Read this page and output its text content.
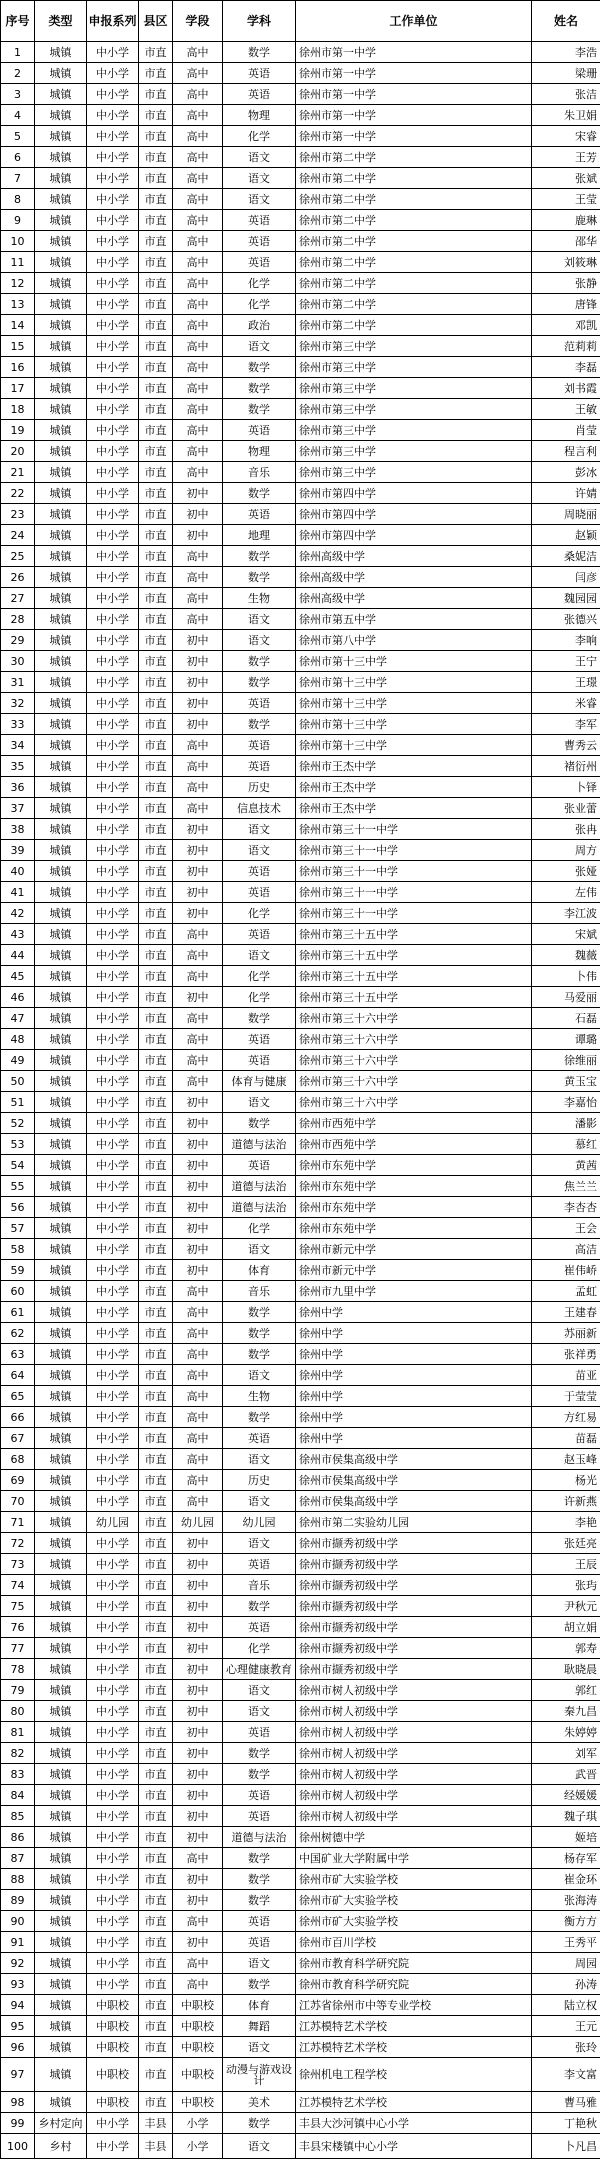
序号	类型	申报系列	县区	学段	学科	工作单位	姓名
1	城镇	中小学	市直	高中	数学	徐州市第一中学	李浩
2	城镇	中小学	市直	高中	英语	徐州市第一中学	梁珊
3	城镇	中小学	市直	高中	英语	徐州市第一中学	张洁
4	城镇	中小学	市直	高中	物理	徐州市第一中学	朱卫娟
5	城镇	中小学	市直	高中	化学	徐州市第一中学	宋睿
6	城镇	中小学	市直	高中	语文	徐州市第二中学	王芳
7	城镇	中小学	市直	高中	语文	徐州市第二中学	张斌
8	城镇	中小学	市直	高中	语文	徐州市第二中学	王莹
9	城镇	中小学	市直	高中	英语	徐州市第二中学	鹿琳
10	城镇	中小学	市直	高中	英语	徐州市第二中学	邵华
11	城镇	中小学	市直	高中	英语	徐州市第二中学	刘筱琳
12	城镇	中小学	市直	高中	化学	徐州市第二中学	张静
13	城镇	中小学	市直	高中	化学	徐州市第二中学	唐锋
14	城镇	中小学	市直	高中	政治	徐州市第二中学	邓凯
15	城镇	中小学	市直	高中	语文	徐州市第三中学	范莉莉
16	城镇	中小学	市直	高中	数学	徐州市第三中学	李磊
17	城镇	中小学	市直	高中	数学	徐州市第三中学	刘书霞
18	城镇	中小学	市直	高中	数学	徐州市第三中学	王敏
19	城镇	中小学	市直	高中	英语	徐州市第三中学	肖莹
20	城镇	中小学	市直	高中	物理	徐州市第三中学	程言利
21	城镇	中小学	市直	高中	音乐	徐州市第三中学	彭冰
22	城镇	中小学	市直	初中	数学	徐州市第四中学	许婧
23	城镇	中小学	市直	初中	英语	徐州市第四中学	周晓丽
24	城镇	中小学	市直	初中	地理	徐州市第四中学	赵颖
25	城镇	中小学	市直	高中	数学	徐州高级中学	桑妮洁
26	城镇	中小学	市直	高中	数学	徐州高级中学	闫彦
27	城镇	中小学	市直	高中	生物	徐州高级中学	魏园园
28	城镇	中小学	市直	高中	语文	徐州市第五中学	张德兴
29	城镇	中小学	市直	初中	语文	徐州市第八中学	李响
30	城镇	中小学	市直	初中	数学	徐州市第十三中学	王宁
31	城镇	中小学	市直	初中	数学	徐州市第十三中学	王璟
32	城镇	中小学	市直	初中	英语	徐州市第十三中学	米睿
33	城镇	中小学	市直	初中	数学	徐州市第十三中学	李军
34	城镇	中小学	市直	高中	英语	徐州市第十三中学	曹秀云
35	城镇	中小学	市直	高中	英语	徐州市王杰中学	褚衍州
36	城镇	中小学	市直	高中	历史	徐州市王杰中学	卜铎
37	城镇	中小学	市直	高中	信息技术	徐州市王杰中学	张业蕾
38	城镇	中小学	市直	初中	语文	徐州市第三十一中学	张冉
39	城镇	中小学	市直	初中	语文	徐州市第三十一中学	周方
40	城镇	中小学	市直	初中	英语	徐州市第三十一中学	张娅
41	城镇	中小学	市直	初中	英语	徐州市第三十一中学	左伟
42	城镇	中小学	市直	初中	化学	徐州市第三十一中学	李江波
43	城镇	中小学	市直	高中	英语	徐州市第三十五中学	宋斌
44	城镇	中小学	市直	高中	语文	徐州市第三十五中学	魏薇
45	城镇	中小学	市直	高中	化学	徐州市第三十五中学	卜伟
46	城镇	中小学	市直	初中	化学	徐州市第三十五中学	马爱丽
47	城镇	中小学	市直	高中	数学	徐州市第三十六中学	石磊
48	城镇	中小学	市直	高中	英语	徐州市第三十六中学	谭璐
49	城镇	中小学	市直	高中	英语	徐州市第三十六中学	徐维丽
50	城镇	中小学	市直	高中	体育与健康	徐州市第三十六中学	黄玉宝
51	城镇	中小学	市直	初中	语文	徐州市第三十六中学	李嘉怡
52	城镇	中小学	市直	初中	数学	徐州市西苑中学	潘影
53	城镇	中小学	市直	初中	道德与法治	徐州市西苑中学	慕红
54	城镇	中小学	市直	初中	英语	徐州市东苑中学	黄茜
55	城镇	中小学	市直	初中	道德与法治	徐州市东苑中学	焦兰兰
56	城镇	中小学	市直	初中	道德与法治	徐州市东苑中学	李杏杏
57	城镇	中小学	市直	初中	化学	徐州市东苑中学	王会
58	城镇	中小学	市直	初中	语文	徐州市新元中学	高洁
59	城镇	中小学	市直	初中	体育	徐州市新元中学	崔伟峤
60	城镇	中小学	市直	高中	音乐	徐州市九里中学	孟虹
61	城镇	中小学	市直	高中	数学	徐州中学	王建春
62	城镇	中小学	市直	高中	数学	徐州中学	苏丽新
63	城镇	中小学	市直	高中	数学	徐州中学	张祥勇
64	城镇	中小学	市直	高中	语文	徐州中学	苗亚
65	城镇	中小学	市直	高中	生物	徐州中学	于莹莹
66	城镇	中小学	市直	高中	数学	徐州中学	方红易
67	城镇	中小学	市直	高中	英语	徐州中学	苗磊
68	城镇	中小学	市直	高中	语文	徐州市侯集高级中学	赵玉峰
69	城镇	中小学	市直	高中	历史	徐州市侯集高级中学	杨光
70	城镇	中小学	市直	高中	语文	徐州市侯集高级中学	许新燕
71	城镇	幼儿园	市直	幼儿园	幼儿园	徐州市第二实验幼儿园	李艳
72	城镇	中小学	市直	初中	语文	徐州市撷秀初级中学	张廷亮
73	城镇	中小学	市直	初中	英语	徐州市撷秀初级中学	王辰
74	城镇	中小学	市直	初中	音乐	徐州市撷秀初级中学	张玙
75	城镇	中小学	市直	初中	数学	徐州市撷秀初级中学	尹秋元
76	城镇	中小学	市直	初中	英语	徐州市撷秀初级中学	胡立娟
77	城镇	中小学	市直	初中	化学	徐州市撷秀初级中学	郭寿
78	城镇	中小学	市直	初中	心理健康教育	徐州市撷秀初级中学	耿晓晨
79	城镇	中小学	市直	初中	语文	徐州市树人初级中学	郭红
80	城镇	中小学	市直	初中	语文	徐州市树人初级中学	秦九昌
81	城镇	中小学	市直	初中	英语	徐州市树人初级中学	朱婷婷
82	城镇	中小学	市直	初中	数学	徐州市树人初级中学	刘军
83	城镇	中小学	市直	初中	数学	徐州市树人初级中学	武晋
84	城镇	中小学	市直	初中	英语	徐州市树人初级中学	经媛媛
85	城镇	中小学	市直	初中	英语	徐州市树人初级中学	魏子琪
86	城镇	中小学	市直	初中	道德与法治	徐州树德中学	姬培
87	城镇	中小学	市直	高中	数学	中国矿业大学附属中学	杨存军
88	城镇	中小学	市直	初中	数学	徐州市矿大实验学校	崔金环
89	城镇	中小学	市直	初中	数学	徐州市矿大实验学校	张海涛
90	城镇	中小学	市直	高中	英语	徐州市矿大实验学校	衡方方
91	城镇	中小学	市直	初中	英语	徐州市百川学校	王秀平
92	城镇	中小学	市直	高中	语文	徐州市教育科学研究院	周园
93	城镇	中小学	市直	高中	数学	徐州市教育科学研究院	孙涛
94	城镇	中职校	市直	中职校	体育	江苏省徐州市中等专业学校	陆立权
95	城镇	中职校	市直	中职校	舞蹈	江苏模特艺术学校	王元
96	城镇	中职校	市直	中职校	语文	江苏模特艺术学校	张玲
97	城镇	中职校	市直	中职校	动漫与游戏设计	徐州机电工程学校	李文富
98	城镇	中职校	市直	中职校	美术	江苏模特艺术学校	曹马雅
99	乡村定向	中小学	丰县	小学	数学	丰县大沙河镇中心小学	丁艳秋
100	乡村	中小学	丰县	小学	语文	丰县宋楼镇中心小学	卜凡昌
